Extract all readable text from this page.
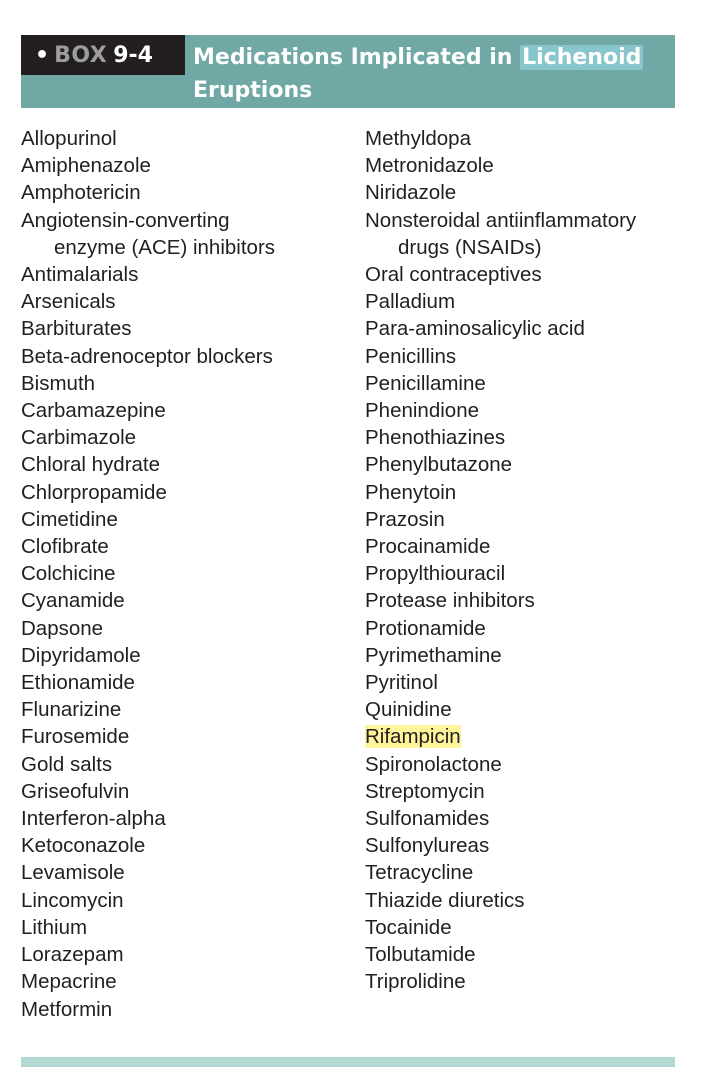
• BOX 9-4	Medications Implicated in Lichenoid Eruptions
Allopurinol
Amiphenazole
Amphotericin
Angiotensin-converting
enzyme (ACE) inhibitors
Antimalarials
Arsenicals
Barbiturates
Beta-adrenoceptor blockers
Bismuth
Carbamazepine
Carbimazole
Chloral hydrate
Chlorpropamide
Cimetidine
Clofibrate
Colchicine
Cyanamide
Dapsone
Dipyridamole
Ethionamide
Flunarizine
Furosemide
Gold salts
Griseofulvin
Interferon-alpha
Ketoconazole
Levamisole
Lincomycin
Lithium
Lorazepam
Mepacrine
Metformin
Methyldopa
Metronidazole
Niridazole
Nonsteroidal antiinflammatory
drugs (NSAIDs)
Oral contraceptives
Palladium
Para-aminosalicylic acid
Penicillins
Penicillamine
Phenindione
Phenothiazines
Phenylbutazone
Phenytoin
Prazosin
Procainamide
Propylthiouracil
Protease inhibitors
Protionamide
Pyrimethamine
Pyritinol
Quinidine
Rifampicin
Spironolactone
Streptomycin
Sulfonamides
Sulfonylureas
Tetracycline
Thiazide diuretics
Tocainide
Tolbutamide
Triprolidine
